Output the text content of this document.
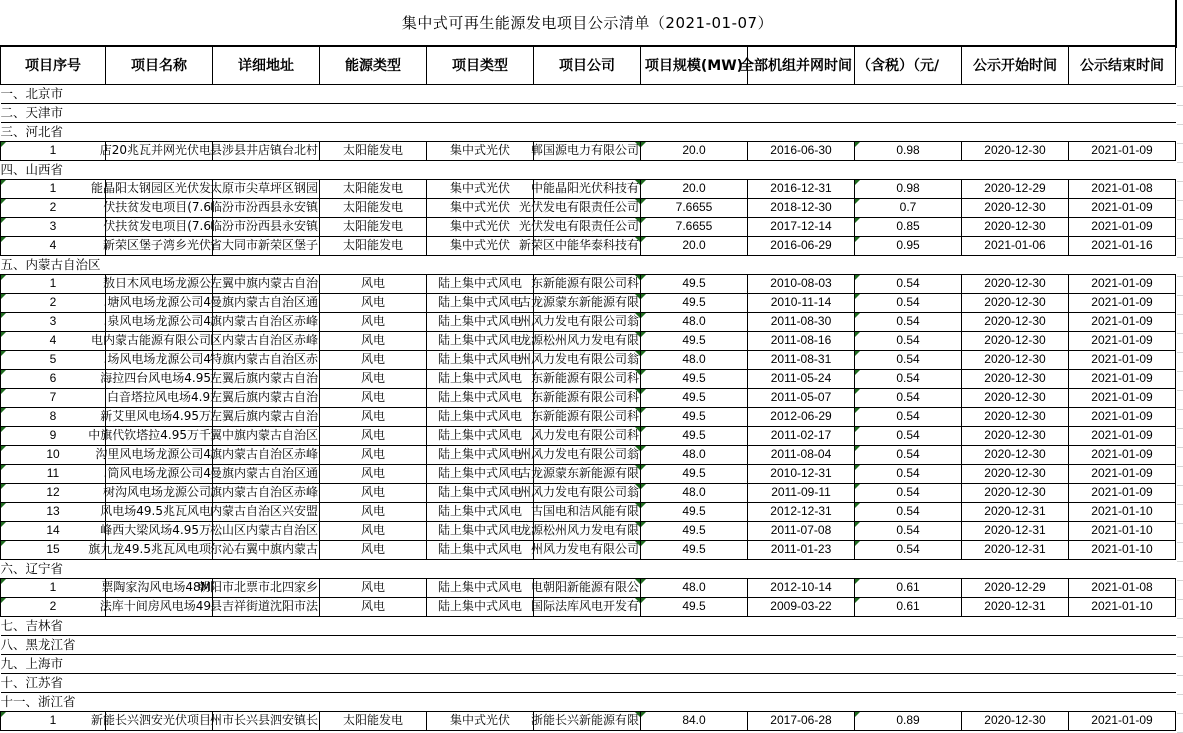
集中式可再生能源发电项目公示清单（2021-01-07）
项目序号	项目名称	详细地址	能源类型	项目类型	项目公司	项目规模(MW)	全部机组并网时间	（含税）（元/	公示开始时间	公示结束时间
一、北京市										
二、天津市										
三、河北省										
1	店20兆瓦并网光伏电	县涉县井店镇台北村	太阳能发电	集中式光伏	郸国源电力有限公司	20.0	2016-06-30	0.98	2020-12-30	2021-01-09
四、山西省										
1	能晶阳太钢园区光伏发	太原市尖草坪区钢园	太阳能发电	集中式光伏	中能晶阳光伏科技有	20.0	2016-12-31	0.98	2020-12-29	2021-01-08
2	伏扶贫发电项目(7.6	临汾市汾西县永安镇	太阳能发电	集中式光伏	光伏发电有限责任公司	7.6655	2018-12-30	0.7	2020-12-30	2021-01-09
3	伏扶贫发电项目(7.6	临汾市汾西县永安镇	太阳能发电	集中式光伏	光伏发电有限责任公司	7.6655	2017-12-14	0.85	2020-12-30	2021-01-09
4	新荣区堡子湾乡光伏	省大同市新荣区堡子	太阳能发电	集中式光伏	新荣区中能华泰科技有	20.0	2016-06-29	0.95	2021-01-06	2021-01-16
五、内蒙古自治区										
1	敖日木风电场龙源公	左翼中旗内蒙古自治	风电	陆上集中式风电	东新能源有限公司科	49.5	2010-08-03	0.54	2020-12-30	2021-01-09
2	塘风电场龙源公司4.	曼旗内蒙古自治区通	风电	陆上集中式风电	古龙源蒙东新能源有限	49.5	2010-11-14	0.54	2020-12-30	2021-01-09
3	泉风电场龙源公司4.	旗内蒙古自治区赤峰	风电	陆上集中式风电	州风力发电有限公司翁	48.0	2011-08-30	0.54	2020-12-30	2021-01-09
4	电内蒙古能源有限公司	区内蒙古自治区赤峰	风电	陆上集中式风电	龙源松州风力发电有限	49.5	2011-08-16	0.54	2020-12-30	2021-01-09
5	场风电场龙源公司4.	特旗内蒙古自治区赤	风电	陆上集中式风电	州风力发电有限公司翁	48.0	2011-08-31	0.54	2020-12-30	2021-01-09
6	海拉四台风电场4.95	左翼后旗内蒙古自治	风电	陆上集中式风电	东新能源有限公司科	49.5	2011-05-24	0.54	2020-12-30	2021-01-09
7	白音塔拉风电场4.9	左翼后旗内蒙古自治	风电	陆上集中式风电	东新能源有限公司科	49.5	2011-05-07	0.54	2020-12-30	2021-01-09
8	新艾里风电场4.95万	左翼后旗内蒙古自治	风电	陆上集中式风电	东新能源有限公司科	49.5	2012-06-29	0.54	2020-12-30	2021-01-09
9	中旗代钦塔拉4.95万千	翼中旗内蒙古自治区	风电	陆上集中式风电	风力发电有限公司科	49.5	2011-02-17	0.54	2020-12-30	2021-01-09
10	沟里风电场龙源公司4	旗内蒙古自治区赤峰	风电	陆上集中式风电	州风力发电有限公司翁	48.0	2011-08-04	0.54	2020-12-30	2021-01-09
11	筒风电场龙源公司4.	曼旗内蒙古自治区通	风电	陆上集中式风电	古龙源蒙东新能源有限	49.5	2010-12-31	0.54	2020-12-30	2021-01-09
12	树沟风电场龙源公司	旗内蒙古自治区赤峰	风电	陆上集中式风电	州风力发电有限公司翁	48.0	2011-09-11	0.54	2020-12-30	2021-01-09
13	风电场49.5兆瓦风电	内蒙古自治区兴安盟	风电	陆上集中式风电	古国电和洁风能有限	49.5	2012-12-31	0.54	2020-12-31	2021-01-10
14	峰西大梁风场4.95万	松山区内蒙古自治区	风电	陆上集中式风电	龙源松州风力发电有限	49.5	2011-07-08	0.54	2020-12-31	2021-01-10
15	旗九龙49.5兆瓦风电项	尔沁右翼中旗内蒙古	风电	陆上集中式风电	州风力发电有限公司	49.5	2011-01-23	0.54	2020-12-31	2021-01-10
六、辽宁省										
1	票陶家沟风电场48M	朝阳市北票市北四家乡	风电	陆上集中式风电	电朝阳新能源有限公	48.0	2012-10-14	0.61	2020-12-29	2021-01-08
2	法库十间房风电场49	县吉祥街道沈阳市法	风电	陆上集中式风电	国际法库风电开发有	49.5	2009-03-22	0.61	2020-12-31	2021-01-10
七、吉林省										
八、黑龙江省										
九、上海市										
十、江苏省										
十一、浙江省										
1	新能长兴泗安光伏项目	州市长兴县泗安镇长	太阳能发电	集中式光伏	浙能长兴新能源有限	84.0	2017-06-28	0.89	2020-12-30	2021-01-09
